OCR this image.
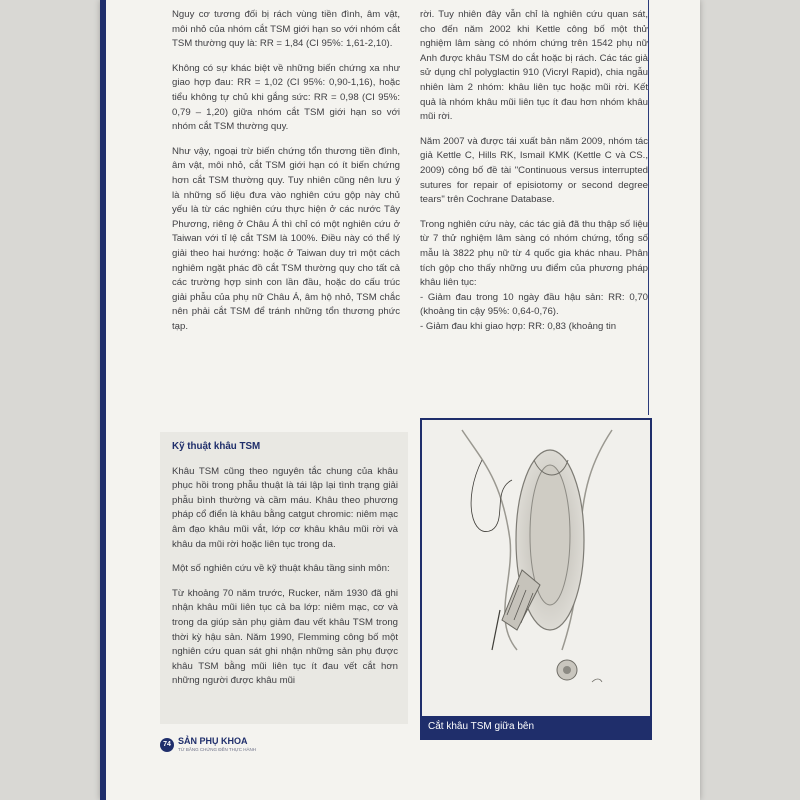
Nguy cơ tương đối bị rách vùng tiền đình, âm vật, môi nhỏ của nhóm cắt TSM giới hạn so với nhóm cắt TSM thường quy là: RR = 1,84 (CI 95%: 1,61-2,10).

Không có sự khác biệt về những biến chứng xa như giao hợp đau: RR = 1,02 (CI 95%: 0,90-1,16), hoặc tiểu không tự chủ khi gắng sức: RR = 0,98 (CI 95%: 0,79 – 1,20) giữa nhóm cắt TSM giới hạn so với nhóm cắt TSM thường quy.

Như vậy, ngoại trừ biến chứng tổn thương tiền đình, âm vật, môi nhỏ, cắt TSM giới hạn có ít biến chứng hơn cắt TSM thường quy. Tuy nhiên cũng nên lưu ý là những số liệu đưa vào nghiên cứu gộp này chủ yếu là từ các nghiên cứu thực hiện ở các nước Tây Phương, riêng ở Châu Á thì chỉ có một nghiên cứu ở Taiwan với tỉ lệ cắt TSM là 100%. Điều này có thể lý giải theo hai hướng: hoặc ở Taiwan duy trì một cách nghiêm ngặt phác đồ cắt TSM thường quy cho tất cả các trường hợp sinh con lần đầu, hoặc do cấu trúc giải phẫu của phụ nữ Châu Á, âm hộ nhỏ, TSM chắc nên phải cắt TSM để tránh những tổn thương phức tạp.

Kỹ thuật khâu TSM

Khâu TSM cũng theo nguyên tắc chung của khâu phục hồi trong phẫu thuật là tái lập lại tình trạng giải phẫu bình thường và cầm máu. Khâu theo phương pháp cổ điển là khâu bằng catgut chromic: niêm mạc âm đạo khâu mũi vắt, lớp cơ khâu khâu mũi rời và khâu da mũi rời hoặc liên tục trong da.

Một số nghiên cứu về kỹ thuật khâu tầng sinh môn:

Từ khoảng 70 năm trước, Rucker, năm 1930 đã ghi nhận khâu mũi liên tục cả ba lớp: niêm mạc, cơ và trong da giúp sản phụ giảm đau vết khâu TSM trong thời kỳ hậu sản. Năm 1990, Flemming công bố một nghiên cứu quan sát ghi nhận những sản phụ được khâu TSM bằng mũi liên tục ít đau vết cắt hơn những người được khâu mũi

rời. Tuy nhiên đây vẫn chỉ là nghiên cứu quan sát, cho đến năm 2002 khi Kettle công bố một thử nghiệm lâm sàng có nhóm chứng trên 1542 phụ nữ Anh được khâu TSM do cắt hoặc bị rách. Các tác giả sử dụng chỉ polyglactin 910 (Vicryl Rapid), chia ngẫu nhiên làm 2 nhóm: khâu liên tục hoặc mũi rời. Kết quả là nhóm khâu mũi liên tục ít đau hơn nhóm khâu mũi rời.

Năm 2007 và được tái xuất bản năm 2009, nhóm tác giả Kettle C, Hills RK, Ismail KMK (Kettle C và CS., 2009) công bố đề tài "Continuous versus interrupted sutures for repair of episiotomy or second degree tears" trên Cochrane Database.

Trong nghiên cứu này, các tác giả đã thu thập số liệu từ 7 thử nghiệm lâm sàng có nhóm chứng, tổng số mẫu là 3822 phụ nữ từ 4 quốc gia khác nhau. Phân tích gộp cho thấy những ưu điểm của phương pháp khâu liên tục:

- Giảm đau trong 10 ngày đầu hậu sản: RR: 0,70 (khoảng tin cậy 95%: 0,64-0,76).
- Giảm đau khi giao hợp: RR: 0,83 (khoảng tin
Cắt khâu TSM giữa bên
74 SẢN PHỤ KHOA
TỪ BẰNG CHỨNG ĐẾN THỰC HÀNH
